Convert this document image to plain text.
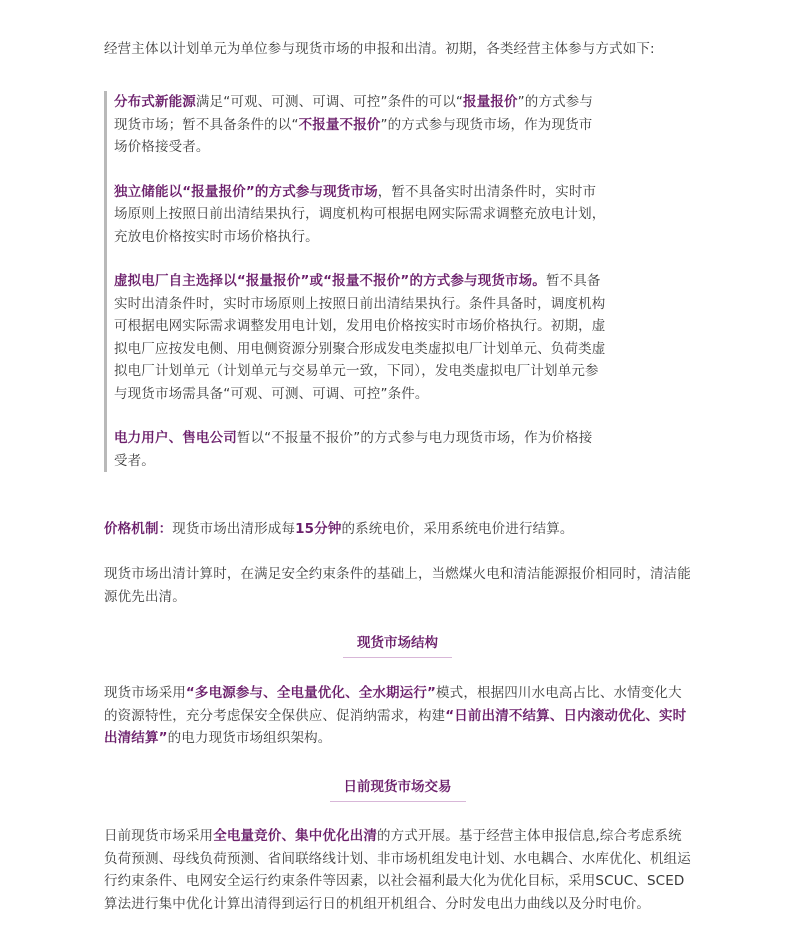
经营主体以计划单元为单位参与现货市场的申报和出清。初期，各类经营主体参与方式如下:

分布式新能源满足“可观、可测、可调、可控”条件的可以“报量报价”的方式参与现货市场；暂不具备条件的以“不报量不报价”的方式参与现货市场，作为现货市场价格接受者。

独立储能以“报量报价”的方式参与现货市场，暂不具备实时出清条件时，实时市场原则上按照日前出清结果执行，调度机构可根据电网实际需求调整充放电计划，充放电价格按实时市场价格执行。

虚拟电厂自主选择以“报量报价”或“报量不报价”的方式参与现货市场。暂不具备实时出清条件时，实时市场原则上按照日前出清结果执行。条件具备时，调度机构可根据电网实际需求调整发用电计划，发用电价格按实时市场价格执行。初期，虚拟电厂应按发电侧、用电侧资源分别聚合形成发电类虚拟电厂计划单元、负荷类虚拟电厂计划单元（计划单元与交易单元一致，下同），发电类虚拟电厂计划单元参与现货市场需具备“可观、可测、可调、可控”条件。

电力用户、售电公司暂以“不报量不报价”的方式参与电力现货市场，作为价格接受者。

价格机制：现货市场出清形成每15分钟的系统电价，采用系统电价进行结算。

现货市场出清计算时，在满足安全约束条件的基础上，当燃煤火电和清洁能源报价相同时，清洁能源优先出清。

现货市场结构

现货市场采用“多电源参与、全电量优化、全水期运行”模式，根据四川水电高占比、水情变化大的资源特性，充分考虑保安全保供应、促消纳需求，构建“日前出清不结算、日内滚动优化、实时出清结算”的电力现货市场组织架构。

日前现货市场交易

日前现货市场采用全电量竞价、集中优化出清的方式开展。基于经营主体申报信息,综合考虑系统负荷预测、母线负荷预测、省间联络线计划、非市场机组发电计划、水电耦合、水库优化、机组运行约束条件、电网安全运行约束条件等因素，以社会福利最大化为优化目标，采用SCUC、SCED算法进行集中优化计算出清得到运行日的机组开机组合、分时发电出力曲线以及分时电价。
